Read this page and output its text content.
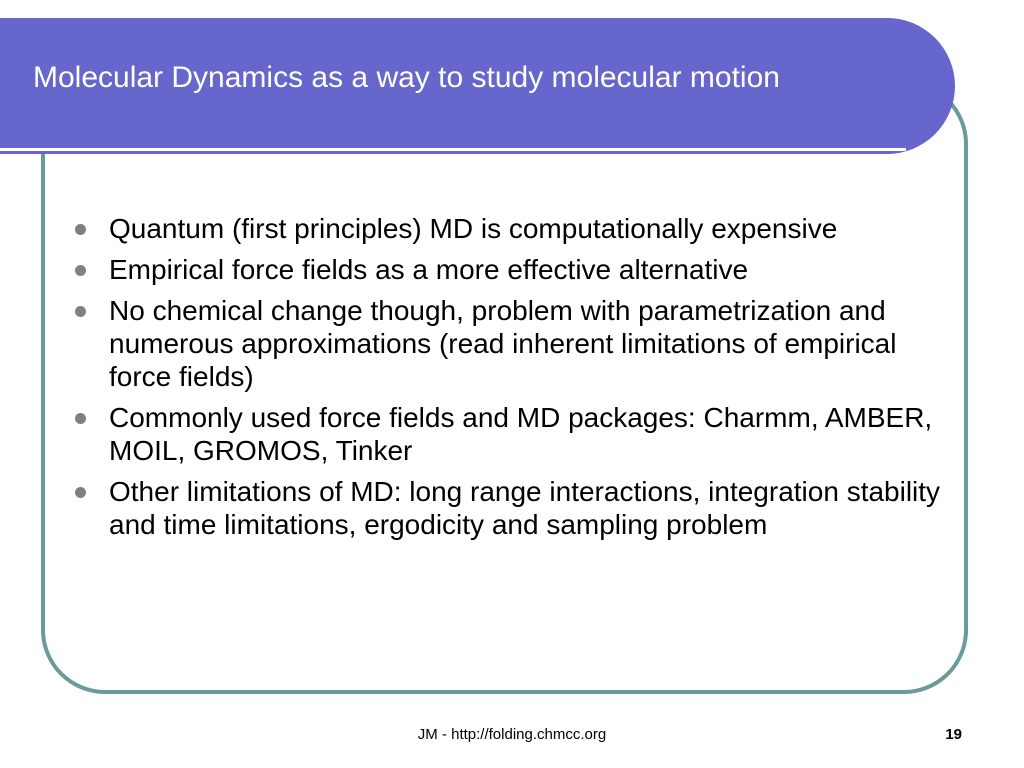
Molecular Dynamics as a way to study molecular motion
Quantum (first principles) MD is computationally expensive
Empirical force fields as a more effective alternative
No chemical change though, problem with parametrization and numerous approximations (read inherent limitations of empirical force fields)
Commonly used force fields and MD packages: Charmm, AMBER, MOIL, GROMOS, Tinker
Other limitations of MD: long range interactions, integration stability and time limitations, ergodicity and sampling problem
JM - http://folding.chmcc.org	19
